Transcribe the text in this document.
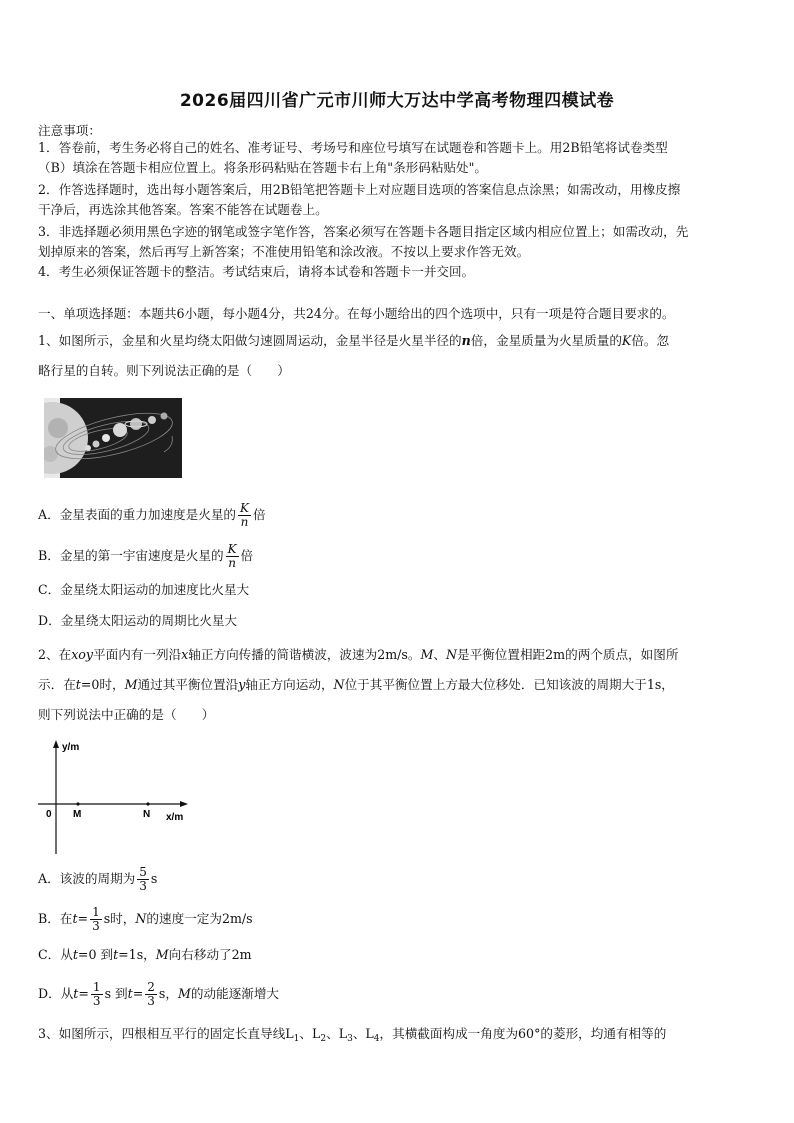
2026届四川省广元市川师大万达中学高考物理四模试卷
注意事项：
1．答卷前，考生务必将自己的姓名、准考证号、考场号和座位号填写在试题卷和答题卡上。用2B铅笔将试卷类型
（B）填涂在答题卡相应位置上。将条形码粘贴在答题卡右上角"条形码粘贴处"。
2．作答选择题时，选出每小题答案后，用2B铅笔把答题卡上对应题目选项的答案信息点涂黑；如需改动，用橡皮擦
干净后，再选涂其他答案。答案不能答在试题卷上。
3．非选择题必须用黑色字迹的钢笔或签字笔作答，答案必须写在答题卡各题目指定区域内相应位置上；如需改动，先
划掉原来的答案，然后再写上新答案；不准使用铅笔和涂改液。不按以上要求作答无效。
4．考生必须保证答题卡的整洁。考试结束后，请将本试卷和答题卡一并交回。
一、单项选择题：本题共6小题，每小题4分，共24分。在每小题给出的四个选项中，只有一项是符合题目要求的。
1、如图所示，金星和火星均绕太阳做匀速圆周运动，金星半径是火星半径的n倍，金星质量为火星质量的K倍。忽
略行星的自转。则下列说法正确的是（　　）
A．金星表面的重力加速度是火星的 $\frac{K}{n}$ 倍
B．金星的第一宇宙速度是火星的 $\frac{K}{n}$ 倍
C．金星绕太阳运动的加速度比火星大
D．金星绕太阳运动的周期比火星大
2、在xoy平面内有一列沿x轴正方向传播的简谐横波，波速为2m/s。M、N是平衡位置相距2m的两个质点，如图所
示．在t=0时，M通过其平衡位置沿y轴正方向运动，N位于其平衡位置上方最大位移处．已知该波的周期大于1s，
则下列说法中正确的是（　　）
y/m
x/m
0 M	N
A．该波的周期为 $\frac{5}{3}$ s
B．在$t= \frac{1}{3}$ s时，N的速度一定为2m/s
C．从t=0 到t=1s，M向右移动了2m
D．从$t= \frac{1}{3}$ s 到$t= \frac{2}{3}$ s，M的动能逐渐增大
3、如图所示，四根相互平行的固定长直导线$L_1$、$L_2$、$L_3$、$L_4$，其横截面构成一角度为60°的菱形，均通有相等的
